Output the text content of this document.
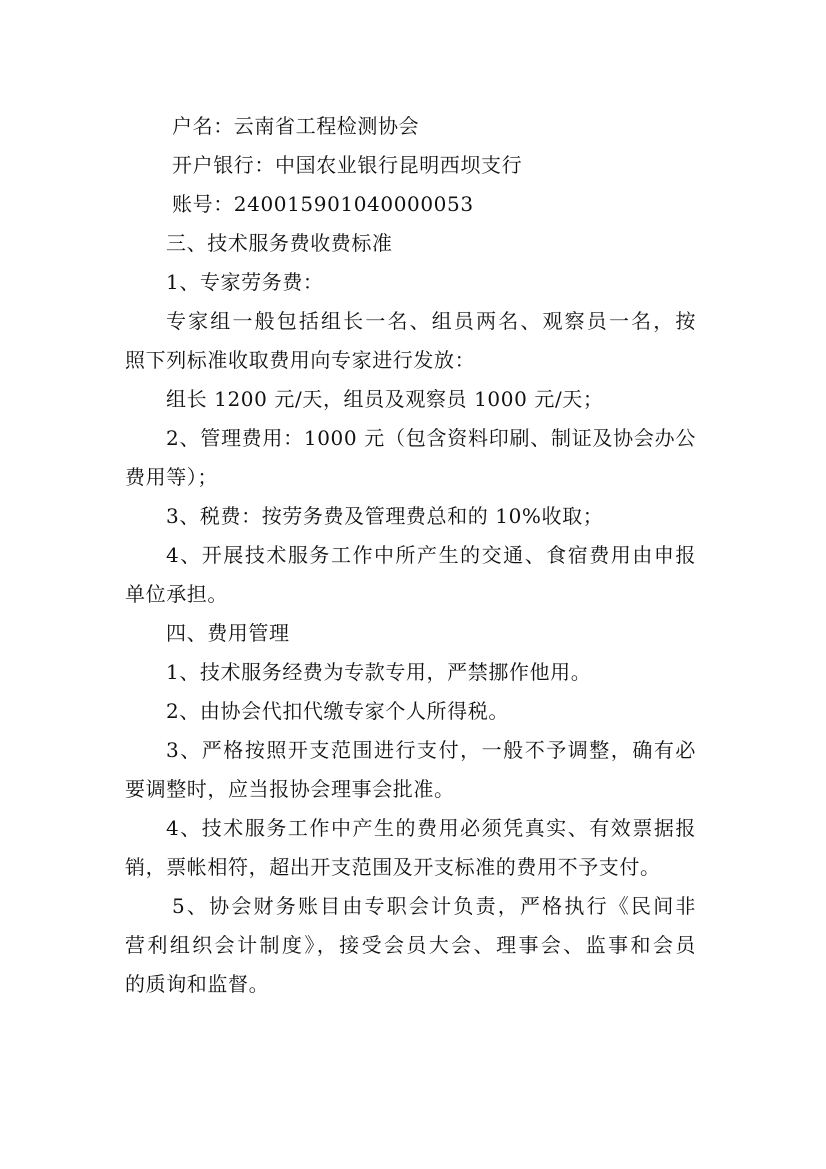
户名：云南省工程检测协会
开户银行：中国农业银行昆明西坝支行
账号：240015901040000053
三、技术服务费收费标准
1、专家劳务费：
专家组一般包括组长一名、组员两名、观察员一名，按
照下列标准收取费用向专家进行发放：
组长 1200 元/天，组员及观察员 1000 元/天；
2、管理费用：1000 元（包含资料印刷、制证及协会办公
费用等）；
3、税费：按劳务费及管理费总和的 10%收取；
4、开展技术服务工作中所产生的交通、食宿费用由申报
单位承担。
四、费用管理
1、技术服务经费为专款专用，严禁挪作他用。
2、由协会代扣代缴专家个人所得税。
3、严格按照开支范围进行支付，一般不予调整，确有必
要调整时，应当报协会理事会批准。
4、技术服务工作中产生的费用必须凭真实、有效票据报
销，票帐相符，超出开支范围及开支标准的费用不予支付。
5、协会财务账目由专职会计负责，严格执行《民间非
营利组织会计制度》，接受会员大会、理事会、监事和会员
的质询和监督。
